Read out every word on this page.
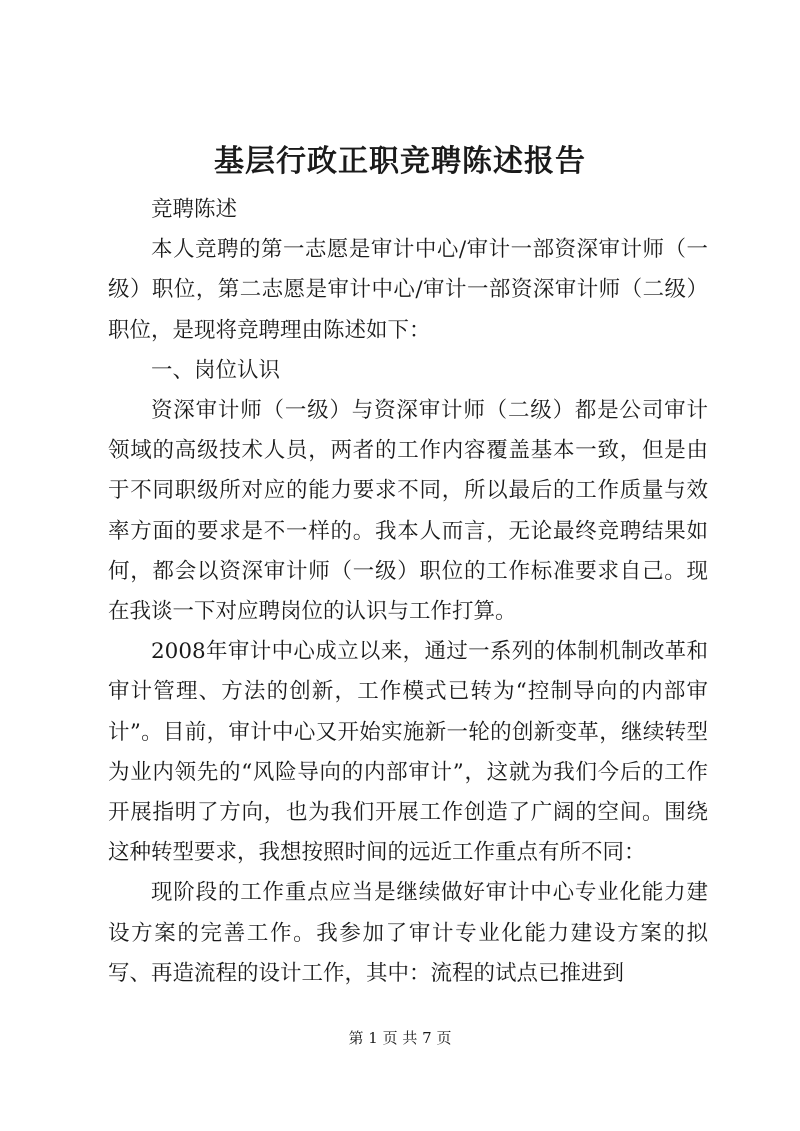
基层行政正职竞聘陈述报告

竞聘陈述

本人竞聘的第一志愿是审计中心/审计一部资深审计师（一级）职位，第二志愿是审计中心/审计一部资深审计师（二级）职位，是现将竞聘理由陈述如下：

一、岗位认识

资深审计师（一级）与资深审计师（二级）都是公司审计领域的高级技术人员，两者的工作内容覆盖基本一致，但是由于不同职级所对应的能力要求不同，所以最后的工作质量与效率方面的要求是不一样的。我本人而言，无论最终竞聘结果如何，都会以资深审计师（一级）职位的工作标准要求自己。现在我谈一下对应聘岗位的认识与工作打算。

2008年审计中心成立以来，通过一系列的体制机制改革和审计管理、方法的创新，工作模式已转为“控制导向的内部审计”。目前，审计中心又开始实施新一轮的创新变革，继续转型为业内领先的“风险导向的内部审计”，这就为我们今后的工作开展指明了方向，也为我们开展工作创造了广阔的空间。围绕这种转型要求，我想按照时间的远近工作重点有所不同：

现阶段的工作重点应当是继续做好审计中心专业化能力建设方案的完善工作。我参加了审计专业化能力建设方案的拟写、再造流程的设计工作，其中：流程的试点已推进到

第 1 页 共 7 页
